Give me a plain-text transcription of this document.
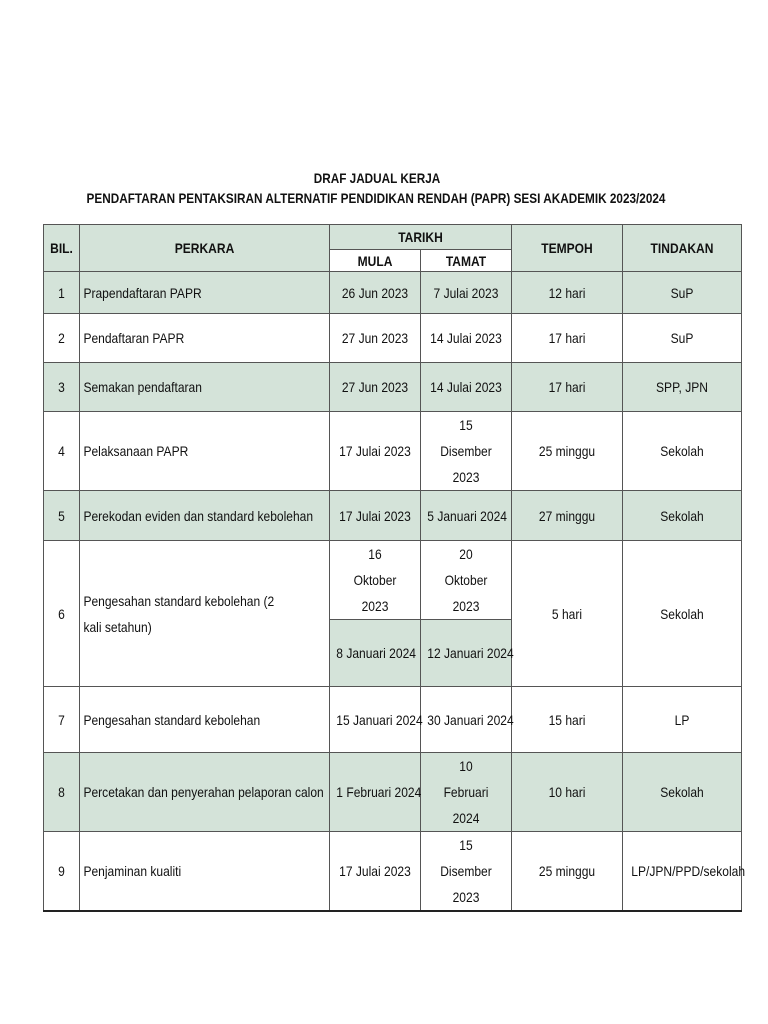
DRAF JADUAL KERJA
PENDAFTARAN PENTAKSIRAN ALTERNATIF PENDIDIKAN RENDAH (PAPR) SESI AKADEMIK 2023/2024
BIL.	PERKARA	TARIKH		TEMPOH	TINDAKAN

		MULA	TAMAT		

1	Prapendaftaran PAPR	26 Jun 2023	7 Julai 2023	12 hari	SuP

2	Pendaftaran PAPR	27 Jun 2023	14 Julai 2023	17 hari	SuP

3	Semakan pendaftaran	27 Jun 2023	14 Julai 2023	17 hari	SPP, JPN

4	Pelaksanaan PAPR	17 Julai 2023	15 Disember 2023	25 minggu	Sekolah

5	Perekodan eviden dan standard kebolehan	17 Julai 2023	5 Januari 2024	27 minggu	Sekolah

6	Pengesahan standard kebolehan (2 kali setahun)	16 Oktober 2023	20 Oktober 2023	5 hari	Sekolah

		8 Januari 2024	12 Januari 2024		

7	Pengesahan standard kebolehan	15 Januari 2024	30 Januari 2024	15 hari	LP

8	Percetakan dan penyerahan pelaporan calon	1 Februari 2024	10 Februari 2024	10 hari	Sekolah

9	Penjaminan kualiti	17 Julai 2023	15 Disember 2023	25 minggu	LP/JPN/PPD/sekolah
